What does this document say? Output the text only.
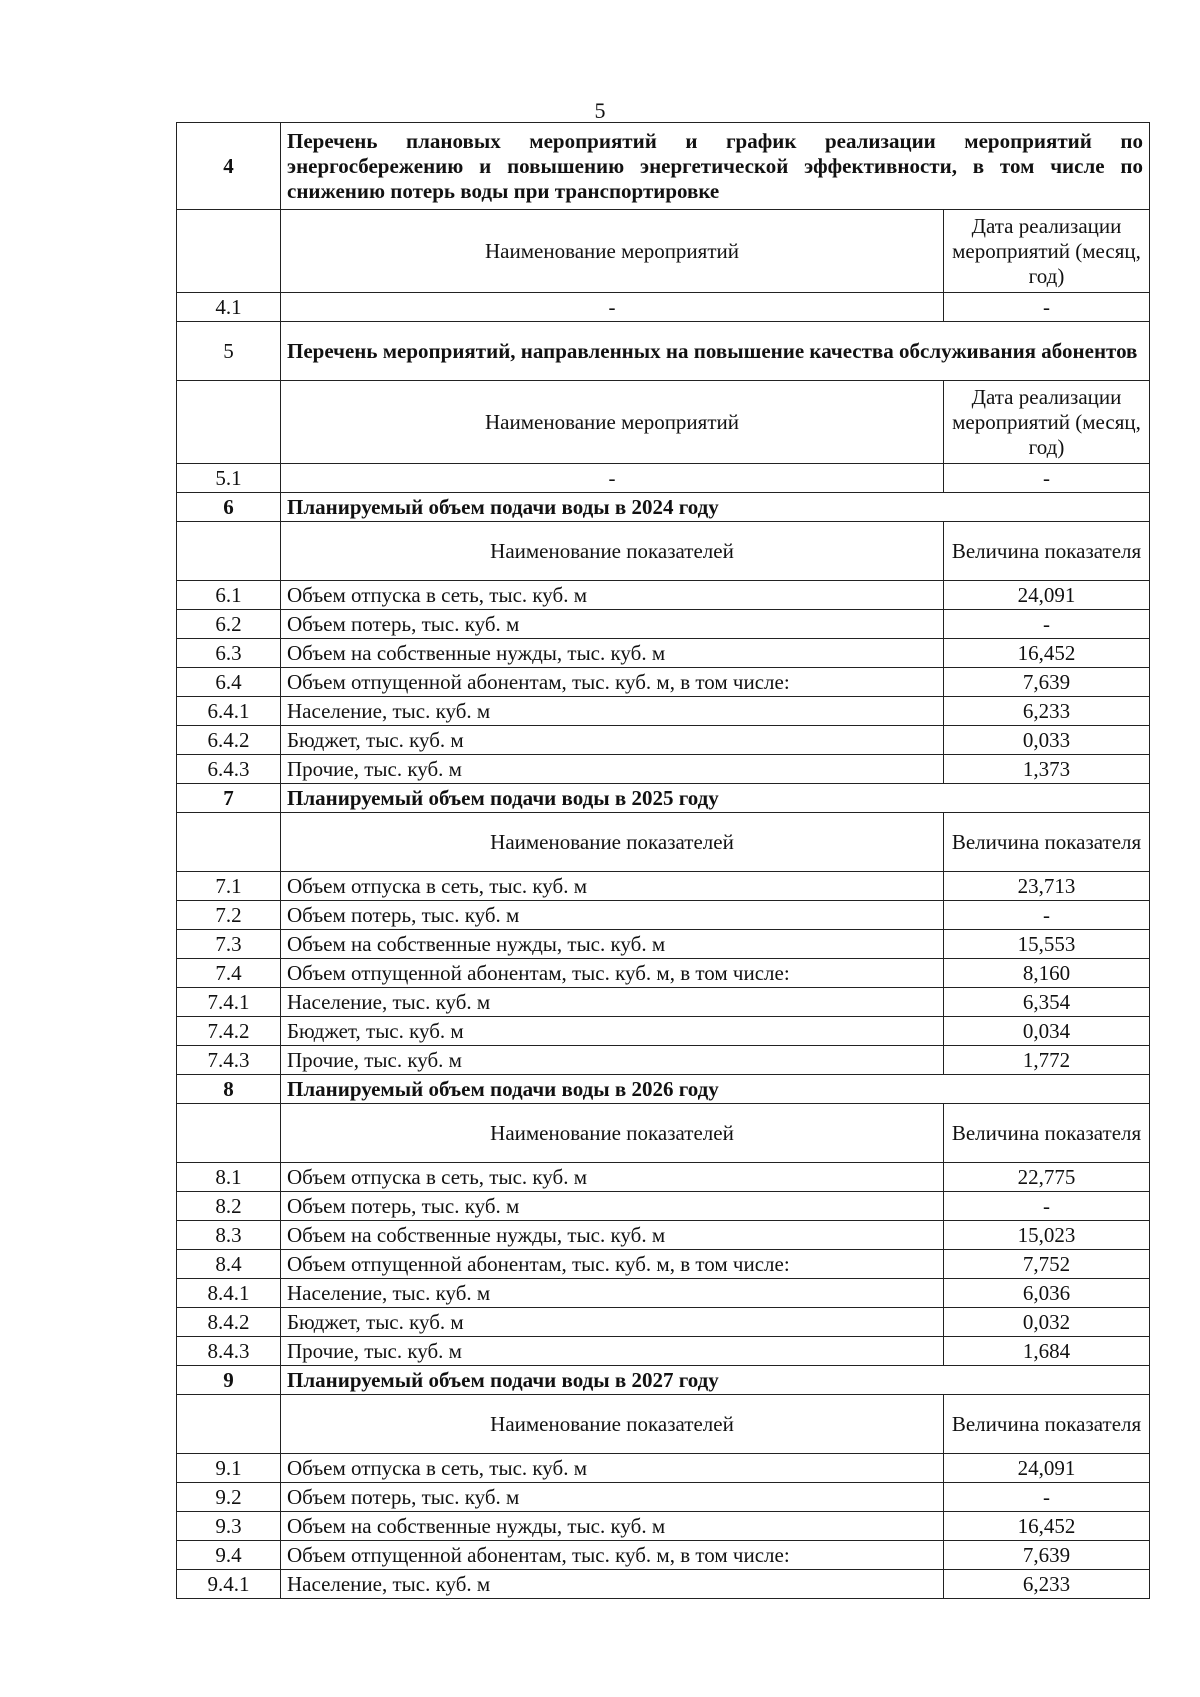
5
4	Перечень плановых мероприятий и график реализации мероприятий по энергосбережению и повышению энергетической эффективности, в том числе по снижению потерь воды при транспортировке	
	Наименование мероприятий	Дата реализации мероприятий (месяц, год)
4.1	-	-
5	Перечень мероприятий, направленных на повышение качества обслуживания абонентов	
	Наименование мероприятий	Дата реализации мероприятий (месяц, год)
5.1	-	-
6	Планируемый объем подачи воды в 2024 году	
	Наименование показателей	Величина показателя
6.1	Объем отпуска в сеть, тыс. куб. м	24,091
6.2	Объем потерь, тыс. куб. м	-
6.3	Объем на собственные нужды, тыс. куб. м	16,452
6.4	Объем отпущенной абонентам, тыс. куб. м, в том числе:	7,639
6.4.1	Население, тыс. куб. м	6,233
6.4.2	Бюджет, тыс. куб. м	0,033
6.4.3	Прочие, тыс. куб. м	1,373
7	Планируемый объем подачи воды в 2025 году	
	Наименование показателей	Величина показателя
7.1	Объем отпуска в сеть, тыс. куб. м	23,713
7.2	Объем потерь, тыс. куб. м	-
7.3	Объем на собственные нужды, тыс. куб. м	15,553
7.4	Объем отпущенной абонентам, тыс. куб. м, в том числе:	8,160
7.4.1	Население, тыс. куб. м	6,354
7.4.2	Бюджет, тыс. куб. м	0,034
7.4.3	Прочие, тыс. куб. м	1,772
8	Планируемый объем подачи воды в 2026 году	
	Наименование показателей	Величина показателя
8.1	Объем отпуска в сеть, тыс. куб. м	22,775
8.2	Объем потерь, тыс. куб. м	-
8.3	Объем на собственные нужды, тыс. куб. м	15,023
8.4	Объем отпущенной абонентам, тыс. куб. м, в том числе:	7,752
8.4.1	Население, тыс. куб. м	6,036
8.4.2	Бюджет, тыс. куб. м	0,032
8.4.3	Прочие, тыс. куб. м	1,684
9	Планируемый объем подачи воды в 2027 году	
	Наименование показателей	Величина показателя
9.1	Объем отпуска в сеть, тыс. куб. м	24,091
9.2	Объем потерь, тыс. куб. м	-
9.3	Объем на собственные нужды, тыс. куб. м	16,452
9.4	Объем отпущенной абонентам, тыс. куб. м, в том числе:	7,639
9.4.1	Население, тыс. куб. м	6,233
